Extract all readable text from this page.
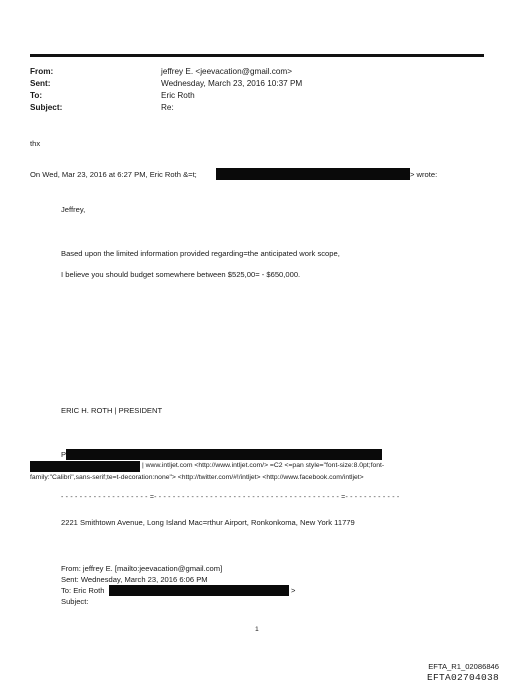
From:	jeffrey E. <jeevacation@gmail.com>
Sent:	Wednesday, March 23, 2016 10:37 PM
To:	Eric Roth
Subject:	Re:
thx
On Wed, Mar 23, 2016 at 6:27 PM, Eric Roth &=t;	> wrote:
Jeffrey,
Based upon the limited information provided regarding=the anticipated work scope,
I believe you should budget somewhere between $525,00= - $650,000.
ERIC H. ROTH | PRESIDENT
P
| www.intljet.com <http://www.intljet.com/> =C2 <=pan style="font-size:8.0pt;font-
family:"Calibri",sans-serif;te=t-decoration:none"> <http://twitter.com/#!/intljet> <http://www.facebook.com/intljet>
- - - - - - - - - - - - - - - - - - - =- - - - - - - - - - - - - - - - - - - - - - - - - - - - - - - - - - - - - - - - =- - - - - - - - - - - -
2221 Smithtown Avenue, Long Island Mac=rthur Airport, Ronkonkoma, New York 11779
From: jeffrey E. [mailto:jeevacation@gmail.com]
Sent: Wednesday, March 23, 2016 6:06 PM
To: Eric Roth	>
Subject:
1
EFTA_R1_02086846
EFTA02704038
